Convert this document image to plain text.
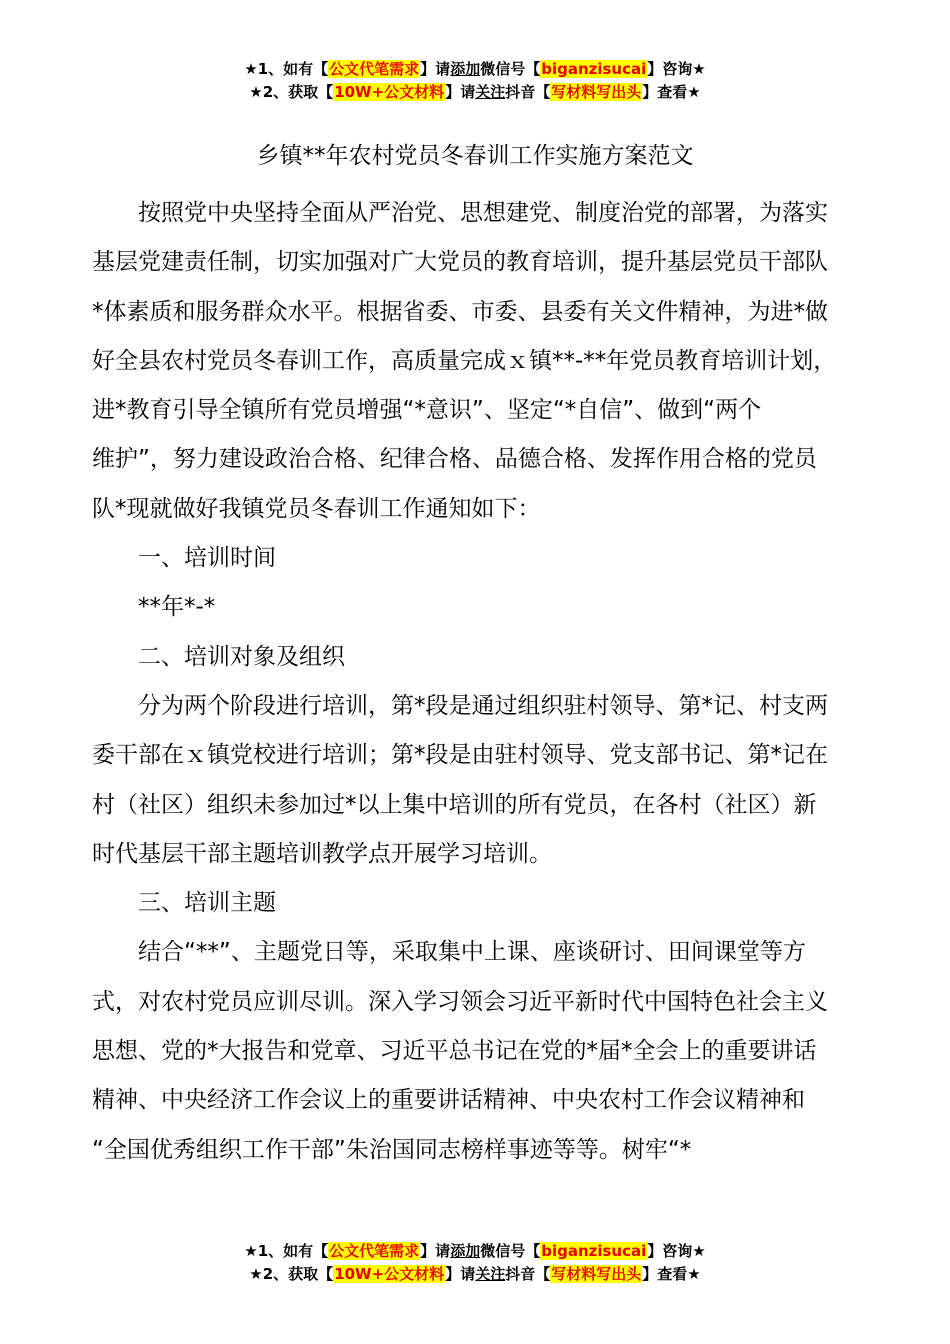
★1、如有【公文代笔需求】请添加微信号【biganzisucai】咨询★
★2、获取【10W+公文材料】请关注抖音【写材料写出头】查看★
乡镇**年农村党员冬春训工作实施方案范文
按照党中央坚持全面从严治党、思想建党、制度治党的部署，为落实
基层党建责任制，切实加强对广大党员的教育培训，提升基层党员干部队
*体素质和服务群众水平。根据省委、市委、县委有关文件精神，为进*做
好全县农村党员冬春训工作，高质量完成ｘ镇**-**年党员教育培训计划，
进*教育引导全镇所有党员增强“*意识”、坚定“*自信”、做到“两个
维护”，努力建设政治合格、纪律合格、品德合格、发挥作用合格的党员
队*现就做好我镇党员冬春训工作通知如下：
一、培训时间
**年*-*
二、培训对象及组织
分为两个阶段进行培训，第*段是通过组织驻村领导、第*记、村支两
委干部在ｘ镇党校进行培训；第*段是由驻村领导、党支部书记、第*记在
村（社区）组织未参加过*以上集中培训的所有党员，在各村（社区）新
时代基层干部主题培训教学点开展学习培训。
三、培训主题
结合“**”、主题党日等，采取集中上课、座谈研讨、田间课堂等方
式，对农村党员应训尽训。深入学习领会习近平新时代中国特色社会主义
思想、党的*大报告和党章、习近平总书记在党的*届*全会上的重要讲话
精神、中央经济工作会议上的重要讲话精神、中央农村工作会议精神和
“全国优秀组织工作干部”朱治国同志榜样事迹等等。树牢“*
★1、如有【公文代笔需求】请添加微信号【biganzisucai】咨询★
★2、获取【10W+公文材料】请关注抖音【写材料写出头】查看★
